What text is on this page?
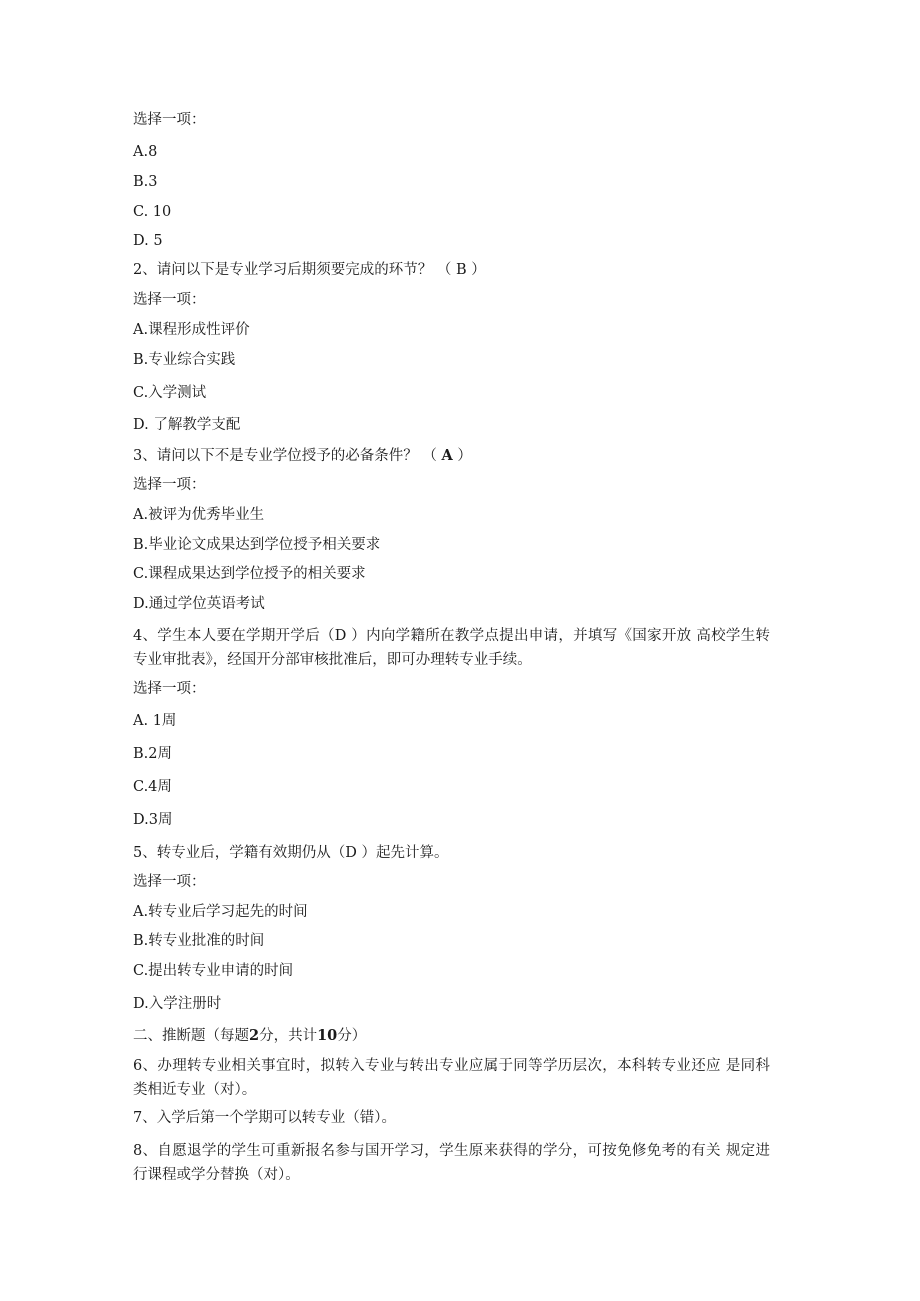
选择一项：
A.8
B.3
C. 10
D. 5
2、请问以下是专业学习后期须要完成的环节？ （ B ）
选择一项：
A.课程形成性评价
B.专业综合实践
C.入学测试
D. 了解教学支配
3、请问以下不是专业学位授予的必备条件？ （ A ）
选择一项：
A.被评为优秀毕业生
B.毕业论文成果达到学位授予相关要求
C.课程成果达到学位授予的相关要求
D.通过学位英语考试
4、学生本人要在学期开学后（D ）内向学籍所在教学点提出申请，并填写《国家开放 高校学生转专业审批表》，经国开分部审核批准后，即可办理转专业手续。
选择一项：
A. 1周
B.2周
C.4周
D.3周
5、转专业后，学籍有效期仍从（D ）起先计算。
选择一项：
A.转专业后学习起先的时间
B.转专业批准的时间
C.提出转专业申请的时间
D.入学注册时
二、推断题（每题2分，共计10分）
6、办理转专业相关事宜时，拟转入专业与转出专业应属于同等学历层次，本科转专业还应 是同科类相近专业（对）。
7、入学后第一个学期可以转专业（错）。
8、自愿退学的学生可重新报名参与国开学习，学生原来获得的学分，可按免修免考的有关 规定进行课程或学分替换（对）。
